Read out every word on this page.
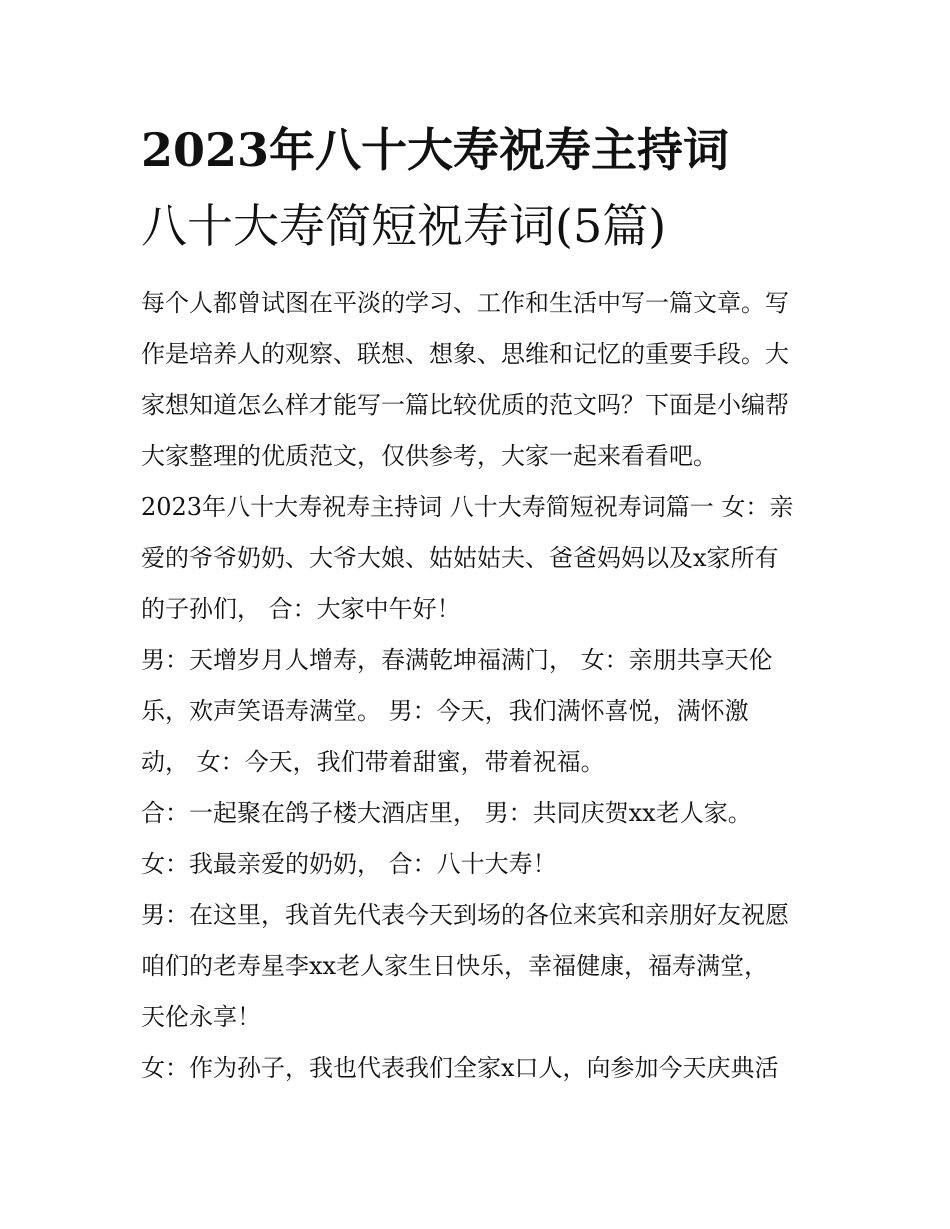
2023年八十大寿祝寿主持词
八十大寿简短祝寿词(5篇)

每个人都曾试图在平淡的学习、工作和生活中写一篇文章。写

作是培养人的观察、联想、想象、思维和记忆的重要手段。大

家想知道怎么样才能写一篇比较优质的范文吗？下面是小编帮

大家整理的优质范文，仅供参考，大家一起来看看吧。

2023年八十大寿祝寿主持词 八十大寿简短祝寿词篇一 女：亲

爱的爷爷奶奶、大爷大娘、姑姑姑夫、爸爸妈妈以及x家所有

的子孙们， 合：大家中午好！

男：天增岁月人增寿，春满乾坤福满门， 女：亲朋共享天伦

乐，欢声笑语寿满堂。 男：今天，我们满怀喜悦，满怀激

动， 女：今天，我们带着甜蜜，带着祝福。

合：一起聚在鸽子楼大酒店里， 男：共同庆贺xx老人家。

女：我最亲爱的奶奶， 合：八十大寿！

男：在这里，我首先代表今天到场的各位来宾和亲朋好友祝愿

咱们的老寿星李xx老人家生日快乐，幸福健康，福寿满堂，

天伦永享！

女：作为孙子，我也代表我们全家x口人，向参加今天庆典活
